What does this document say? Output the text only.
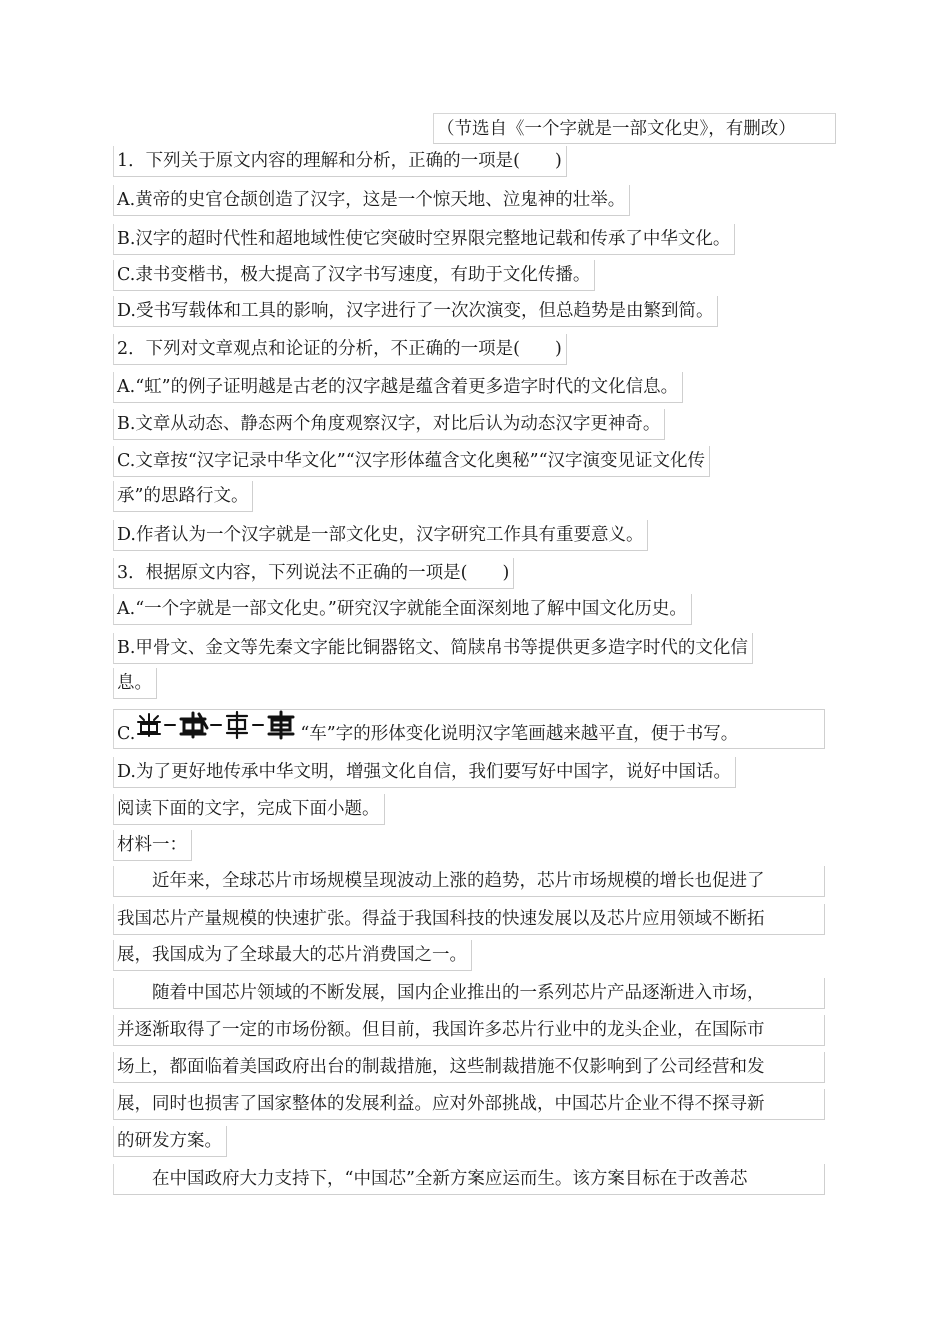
（节选自《一个字就是一部文化史》，有删改）
1．下列关于原文内容的理解和分析，正确的一项是(　　)
A.黄帝的史官仓颉创造了汉字，这是一个惊天地、泣鬼神的壮举。
B.汉字的超时代性和超地域性使它突破时空界限完整地记载和传承了中华文化。
C.隶书变楷书，极大提高了汉字书写速度，有助于文化传播。
D.受书写载体和工具的影响，汉字进行了一次次演变，但总趋势是由繁到简。
2．下列对文章观点和论证的分析，不正确的一项是(　　)
A.“虹”的例子证明越是古老的汉字越是蕴含着更多造字时代的文化信息。
B.文章从动态、静态两个角度观察汉字，对比后认为动态汉字更神奇。
C.文章按“汉字记录中华文化”“汉字形体蕴含文化奥秘”“汉字演变见证文化传
承”的思路行文。
D.作者认为一个汉字就是一部文化史，汉字研究工作具有重要意义。
3．根据原文内容，下列说法不正确的一项是(　　)
A.“一个字就是一部文化史。”研究汉字就能全面深刻地了解中国文化历史。
B.甲骨文、金文等先秦文字能比铜器铭文、简牍帛书等提供更多造字时代的文化信
息。
C.	“车”字的形体变化说明汉字笔画越来越平直，便于书写。
D.为了更好地传承中华文明，增强文化自信，我们要写好中国字，说好中国话。
阅读下面的文字，完成下面小题。
材料一：
近年来，全球芯片市场规模呈现波动上涨的趋势，芯片市场规模的增长也促进了
我国芯片产量规模的快速扩张。得益于我国科技的快速发展以及芯片应用领域不断拓
展，我国成为了全球最大的芯片消费国之一。
随着中国芯片领域的不断发展，国内企业推出的一系列芯片产品逐渐进入市场，
并逐渐取得了一定的市场份额。但目前，我国许多芯片行业中的龙头企业，在国际市
场上，都面临着美国政府出台的制裁措施，这些制裁措施不仅影响到了公司经营和发
展，同时也损害了国家整体的发展利益。应对外部挑战，中国芯片企业不得不探寻新
的研发方案。
在中国政府大力支持下，“中国芯”全新方案应运而生。该方案目标在于改善芯
